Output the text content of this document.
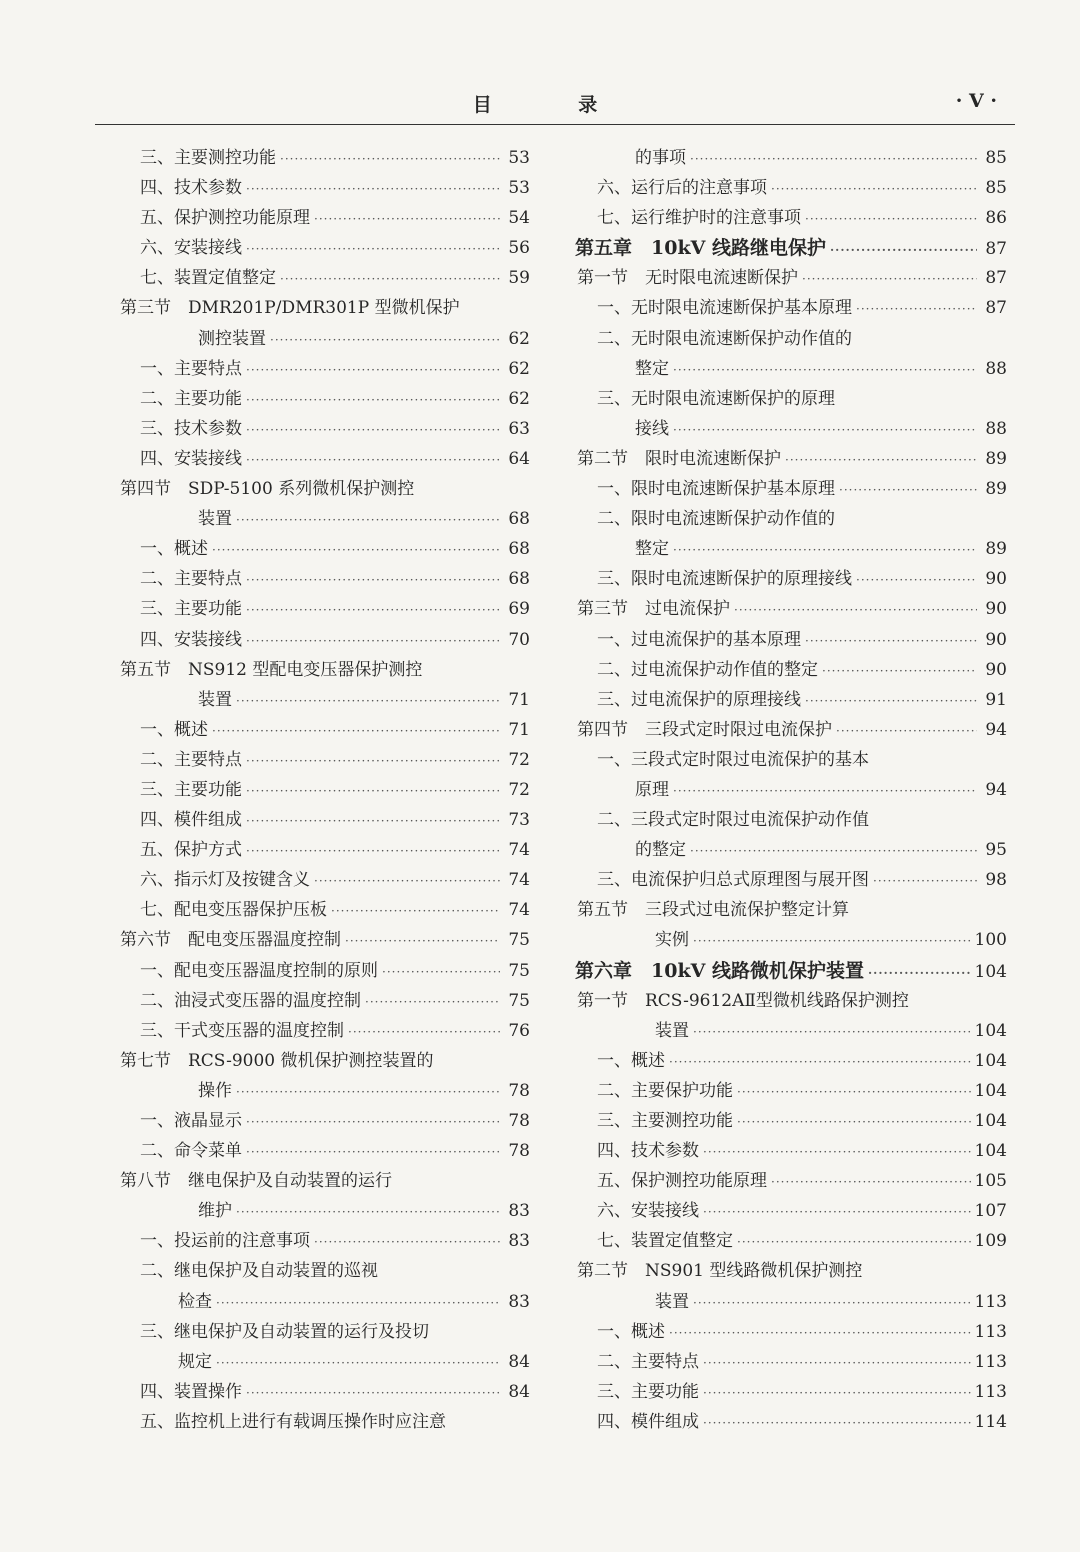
目 录	· V ·
三、主要测控功能 ·····	53
四、技术参数 ·····	53
五、保护测控功能原理 ·····	54
六、安装接线 ·····	56
七、装置定值整定 ·····	59
第三节　DMR201P/DMR301P 型微机保护
测控装置 ·····	62
一、主要特点 ·····	62
二、主要功能 ·····	62
三、技术参数 ·····	63
四、安装接线 ·····	64
第四节　SDP-5100 系列微机保护测控
装置 ·····	68
一、概述 ·····	68
二、主要特点 ·····	68
三、主要功能 ·····	69
四、安装接线 ·····	70
第五节　NS912 型配电变压器保护测控
装置 ·····	71
一、概述 ·····	71
二、主要特点 ·····	72
三、主要功能 ·····	72
四、模件组成 ·····	73
五、保护方式 ·····	74
六、指示灯及按键含义 ·····	74
七、配电变压器保护压板 ·····	74
第六节　配电变压器温度控制 ·····	75
一、配电变压器温度控制的原则 ·····	75
二、油浸式变压器的温度控制 ·····	75
三、干式变压器的温度控制 ·····	76
第七节　RCS-9000 微机保护测控装置的
操作 ·····	78
一、液晶显示 ·····	78
二、命令菜单 ·····	78
第八节　继电保护及自动装置的运行
维护 ·····	83
一、投运前的注意事项 ·····	83
二、继电保护及自动装置的巡视
检查 ·····	83
三、继电保护及自动装置的运行及投切
规定 ·····	84
四、装置操作 ·····	84
五、监控机上进行有载调压操作时应注意
的事项 ·····	85
六、运行后的注意事项 ·····	85
七、运行维护时的注意事项 ·····	86
第五章　10kV 线路继电保护 ·····	87
第一节　无时限电流速断保护 ·····	87
一、无时限电流速断保护基本原理 ·····	87
二、无时限电流速断保护动作值的
整定 ·····	88
三、无时限电流速断保护的原理
接线 ·····	88
第二节　限时电流速断保护 ·····	89
一、限时电流速断保护基本原理 ·····	89
二、限时电流速断保护动作值的
整定 ·····	89
三、限时电流速断保护的原理接线 ·····	90
第三节　过电流保护 ·····	90
一、过电流保护的基本原理 ·····	90
二、过电流保护动作值的整定 ·····	90
三、过电流保护的原理接线 ·····	91
第四节　三段式定时限过电流保护 ·····	94
一、三段式定时限过电流保护的基本
原理 ·····	94
二、三段式定时限过电流保护动作值
的整定 ·····	95
三、电流保护归总式原理图与展开图 ·····	98
第五节　三段式过电流保护整定计算
实例 ·····	100
第六章　10kV 线路微机保护装置 ·····	104
第一节　RCS-9612AⅡ型微机线路保护测控
装置 ·····	104
一、概述 ·····	104
二、主要保护功能 ·····	104
三、主要测控功能 ·····	104
四、技术参数 ·····	104
五、保护测控功能原理 ·····	105
六、安装接线 ·····	107
七、装置定值整定 ·····	109
第二节　NS901 型线路微机保护测控
装置 ·····	113
一、概述 ·····	113
二、主要特点 ·····	113
三、主要功能 ·····	113
四、模件组成 ·····	114
